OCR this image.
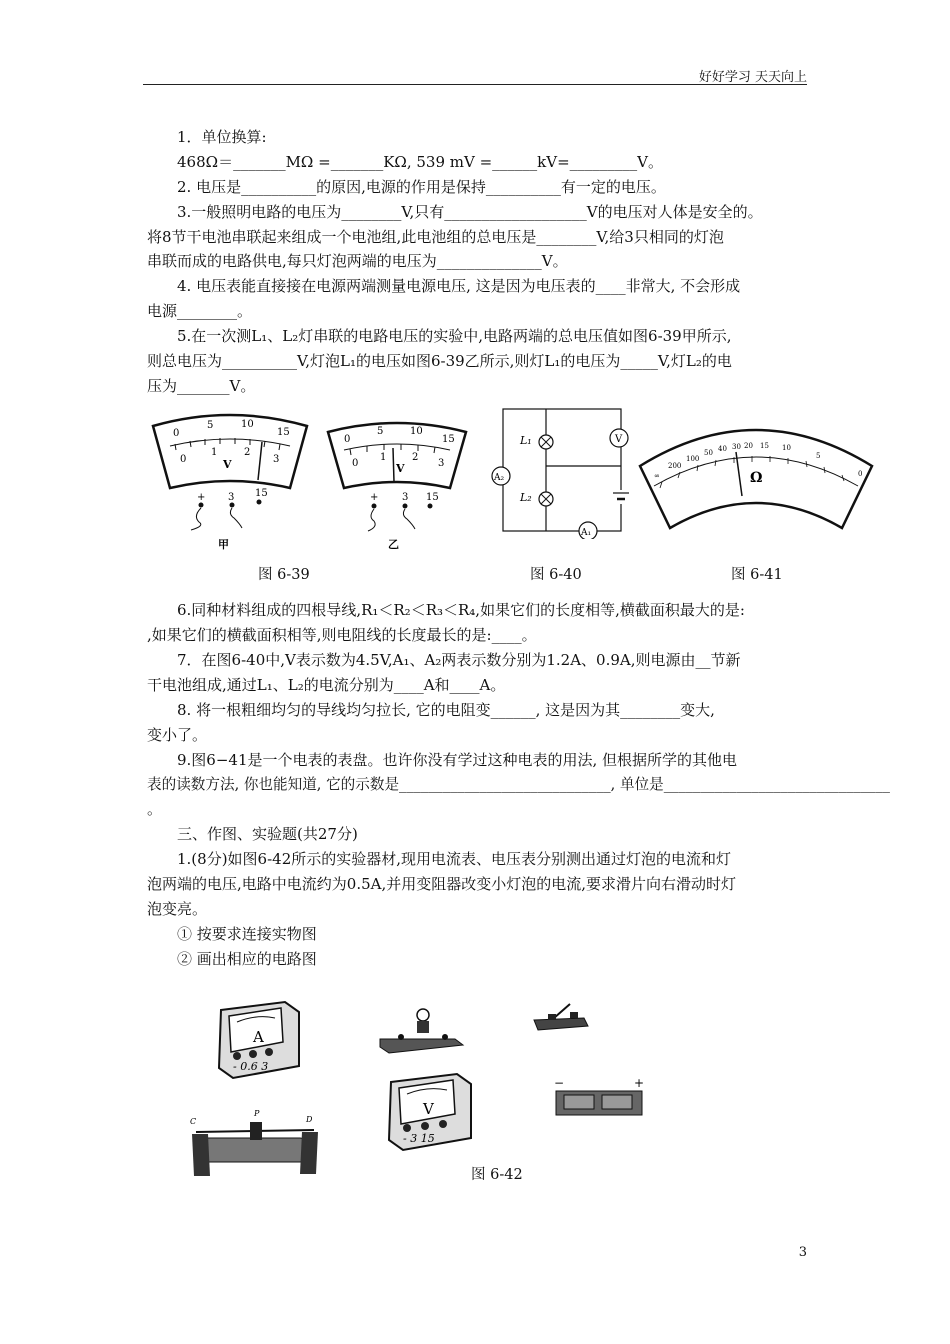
好好学习 天天向上
1．单位换算:
468Ω＝_______MΩ =_______KΩ, 539 mV =______kV=_________V。
2. 电压是__________的原因,电源的作用是保持__________有一定的电压。
3.一般照明电路的电压为________V,只有___________________V的电压对人体是安全的。
将8节干电池串联起来组成一个电池组,此电池组的总电压是________V,给3只相同的灯泡
串联而成的电路供电,每只灯泡两端的电压为______________V。
4. 电压表能直接接在电源两端测量电源电压, 这是因为电压表的____非常大, 不会形成
电源________。
5.在一次测L₁、L₂灯串联的电路电压的实验中,电路两端的总电压值如图6-39甲所示,
则总电压为__________V,灯泡L₁的电压如图6-39乙所示,则灯L₁的电压为_____V,灯L₂的电
压为_______V。
0
5	10
15
0
1	2
3
V
+ 3 15
甲
0
5	10
15
0
1	2
3
V
+ 3 15
乙
L₁
L₂
V
A₂
A₁
∞
200
100
50 40 30 20 15 10
5
0
Ω
图 6-39	图 6-40	图 6-41
6.同种材料组成的四根导线,R₁＜R₂＜R₃＜R₄,如果它们的长度相等,横截面积最大的是:
,如果它们的横截面积相等,则电阻线的长度最长的是:____。
7．在图6-40中,V表示数为4.5V,A₁、A₂两表示数分别为1.2A、0.9A,则电源由__节新
干电池组成,通过L₁、L₂的电流分别为____A和____A。
8. 将一根粗细均匀的导线均匀拉长, 它的电阻变______, 这是因为其________变大,
变小了。
9.图6−41是一个电表的表盘。也许你没有学过这种电表的用法, 但根据所学的其他电
表的读数方法, 你也能知道, 它的示数是_____________________________, 单位是_______________________________
。
三、作图、实验题(共27分)
1.(8分)如图6-42所示的实验器材,现用电流表、电压表分别测出通过灯泡的电流和灯
泡两端的电压,电路中电流约为0.5A,并用变阻器改变小灯泡的电流,要求滑片向右滑动时灯
泡变亮。
① 按要求连接实物图
② 画出相应的电路图
A
- 0.6 3
−	+
V
- 3 15
C
P
D
图 6-42
3
